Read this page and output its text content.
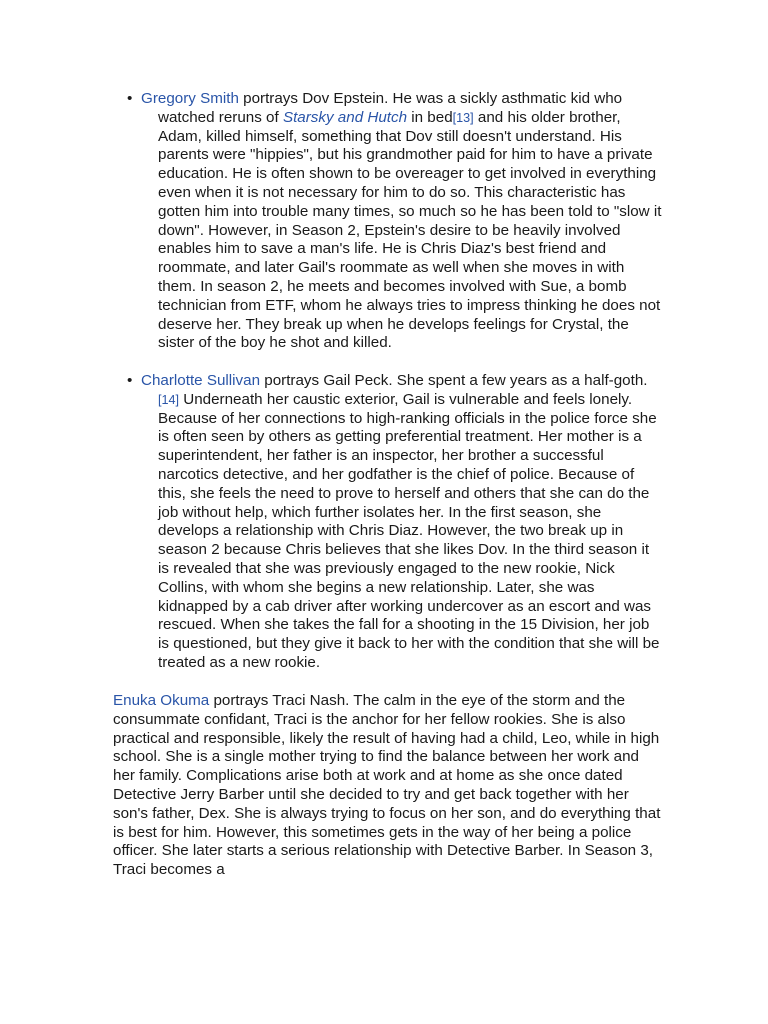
• Gregory Smith portrays Dov Epstein. He was a sickly asthmatic kid who watched reruns of Starsky and Hutch in bed[13] and his older brother, Adam, killed himself, something that Dov still doesn't understand. His parents were "hippies", but his grandmother paid for him to have a private education. He is often shown to be overeager to get involved in everything even when it is not necessary for him to do so. This characteristic has gotten him into trouble many times, so much so he has been told to "slow it down". However, in Season 2, Epstein's desire to be heavily involved enables him to save a man's life. He is Chris Diaz's best friend and roommate, and later Gail's roommate as well when she moves in with them. In season 2, he meets and becomes involved with Sue, a bomb technician from ETF, whom he always tries to impress thinking he does not deserve her. They break up when he develops feelings for Crystal, the sister of the boy he shot and killed.

• Charlotte Sullivan portrays Gail Peck. She spent a few years as a half-goth.[14] Underneath her caustic exterior, Gail is vulnerable and feels lonely. Because of her connections to high-ranking officials in the police force she is often seen by others as getting preferential treatment. Her mother is a superintendent, her father is an inspector, her brother a successful narcotics detective, and her godfather is the chief of police. Because of this, she feels the need to prove to herself and others that she can do the job without help, which further isolates her. In the first season, she develops a relationship with Chris Diaz. However, the two break up in season 2 because Chris believes that she likes Dov. In the third season it is revealed that she was previously engaged to the new rookie, Nick Collins, with whom she begins a new relationship. Later, she was kidnapped by a cab driver after working undercover as an escort and was rescued. When she takes the fall for a shooting in the 15 Division, her job is questioned, but they give it back to her with the condition that she will be treated as a new rookie.

Enuka Okuma portrays Traci Nash. The calm in the eye of the storm and the consummate confidant, Traci is the anchor for her fellow rookies. She is also practical and responsible, likely the result of having had a child, Leo, while in high school. She is a single mother trying to find the balance between her work and her family. Complications arise both at work and at home as she once dated Detective Jerry Barber until she decided to try and get back together with her son's father, Dex. She is always trying to focus on her son, and do everything that is best for him. However, this sometimes gets in the way of her being a police officer. She later starts a serious relationship with Detective Barber. In Season 3, Traci becomes a
